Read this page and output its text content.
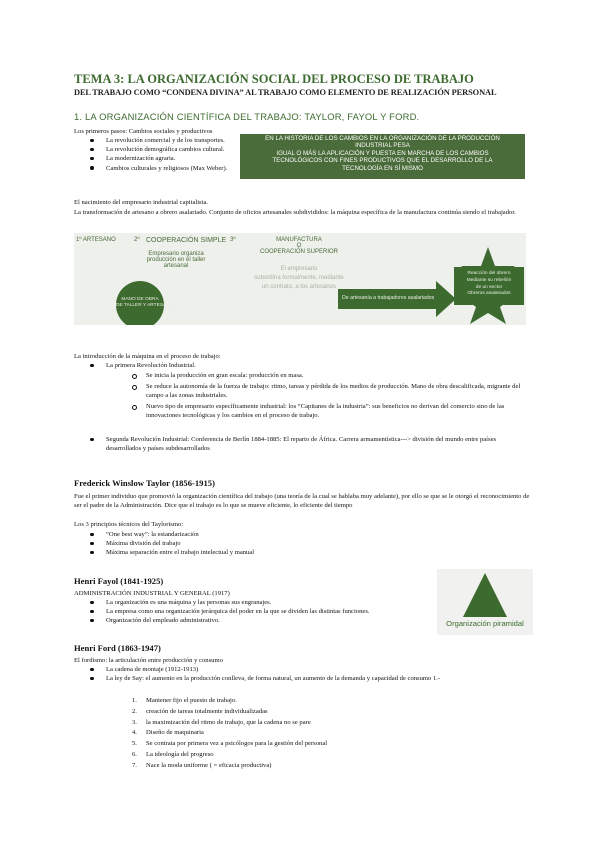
TEMA 3: LA ORGANIZACIÓN SOCIAL DEL PROCESO DE TRABAJO
DEL TRABAJO COMO “CONDENA DIVINA” AL TRABAJO COMO ELEMENTO DE REALIZACIÓN PERSONAL
1. LA ORGANIZACIÓN CIENTÍFICA DEL TRABAJO: TAYLOR, FAYOL Y FORD.
Los primeros pasos: Cambios sociales y productivos
La revolución comercial y de los transportes.
La revolución demográfica cambios cultural.
La modernización agraria.
Cambios culturales y religiosos (Max Weber).
EN LA HISTORIA DE LOS CAMBIOS EN LA ORGANIZACIÓN DE LA PRODUCCIÓN
INDUSTRIAL PESA
IGUAL O MÁS LA APLICACIÓN Y PUESTA EN MARCHA DE LOS CAMBIOS
TECNOLÓGICOS CON FINES PRODUCTIVOS QUE EL DESARROLLO DE LA
TECNOLOGÍA EN SÍ MISMO
El nacimiento del empresario industrial capitalista.
La transformación de artesano a obrero asalariado. Conjunto de oficios artesanales subdivididos: la máquina específica de la manufactura continúa siendo el trabajador.
1º ARTESANO	2º COOPERACIÓN SIMPLE
Empresario organiza
producción en el taller
artesanal
3º	MANUFACTURA
O
COOPERACIÓN SUPERIOR
El empresario
subordina formalmente, mediante
un contrato, a los artesanos
MANO DE OBRA
DE TALLER Y ARTESANÍA
De artesanía a trabajadores asalariados
Reacción del obrero
Mediante su rebelión
de un sector
Obreros asalariados
La introducción de la máquina en el proceso de trabajo:
La primera Revolución Industrial.
Se inicia la producción en gran escala: producción en masa.
Se reduce la autonomía de la fuerza de trabajo: ritmo, tareas y pérdida de los medios de producción. Mano de obra descalificada, migrante del campo a las zonas industriales.
Nuevo tipo de empresario específicamente industrial: los “Capitanes de la industria”: sus beneficios no derivan del comercio sino de las innovaciones tecnológicas y los cambios en el proceso de trabajo.
Segunda Revolución Industrial: Conferencia de Berlín 1884-1885: El reparto de África. Carrera armamentística---> división del mundo entre países desarrollados y países subdesarrollados
Frederick Winslow Taylor (1856-1915)
Fue el primer individuo que promovió la organización científica del trabajo (una teoría de la cual se hablaba muy adelante), por ello se que se le otorgó el reconocimiento de ser el padre de la Administración. Dice que el trabajo es lo que se mueve eficiente, lo eficiente del tiempo
Los 3 principios técnicos del Taylorismo:
“One best way”: la estandarización
Máxima división del trabajo
Máxima separación entre el trabajo intelectual y manual
Henri Fayol (1841-1925)
ADMINISTRACIÓN INDUSTRIAL Y GENERAL (1917)
La organización es una máquina y las personas sus engranajes.
La empresa como una organización jerárquica del poder en la que se dividen las distintas funciones.
Organización del empleado administrativo.	Organización piramidal
Henri Ford (1863-1947)
El fordismo: la articulación entre producción y consumo
La cadena de montaje (1912-1913)
La ley de Say: el aumento en la producción conlleva, de forma natural, un aumento de la demanda y capacidad de consumo 1.-
1. Mantener fijo el puesto de trabajo.
2. creación de tareas totalmente individualizadas
3. la maximización del ritmo de trabajo, que la cadena no se pare
4. Diseño de maquinaria
5. Se contrata por primera vez a psicólogos para la gestión del personal
6. La ideología del progreso
7. Nace la moda uniforme ( = eficacia productiva)
